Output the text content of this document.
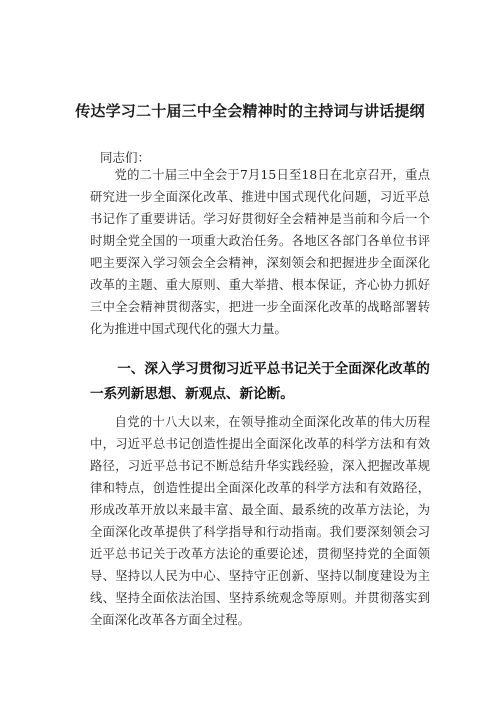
传达学习二十届三中全会精神时的主持词与讲话提纲
同志们：

党的二十届三中全会于7月15日至18日在北京召开，重点研究进一步全面深化改革、推进中国式现代化问题，习近平总书记作了重要讲话。学习好贯彻好全会精神是当前和今后一个时期全党全国的一项重大政治任务。各地区各部门各单位书评吧主要深入学习领会全会精神，深刻领会和把握进步全面深化改革的主题、重大原则、重大举措、根本保证，齐心协力抓好三中全会精神贯彻落实，把进一步全面深化改革的战略部署转化为推进中国式现代化的强大力量。

一、深入学习贯彻习近平总书记关于全面深化改革的一系列新思想、新观点、新论断。

自党的十八大以来，在领导推动全面深化改革的伟大历程中，习近平总书记创造性提出全面深化改革的科学方法和有效路径，习近平总书记不断总结升华实践经验，深入把握改革规律和特点，创造性提出全面深化改革的科学方法和有效路径，形成改革开放以来最丰富、最全面、最系统的改革方法论，为全面深化改革提供了科学指导和行动指南。我们要深刻领会习近平总书记关于改革方法论的重要论述，贯彻坚持党的全面领导、坚持以人民为中心、坚持守正创新、坚持以制度建设为主线、坚持全面依法治国、坚持系统观念等原则。并贯彻落实到全面深化改革各方面全过程。
